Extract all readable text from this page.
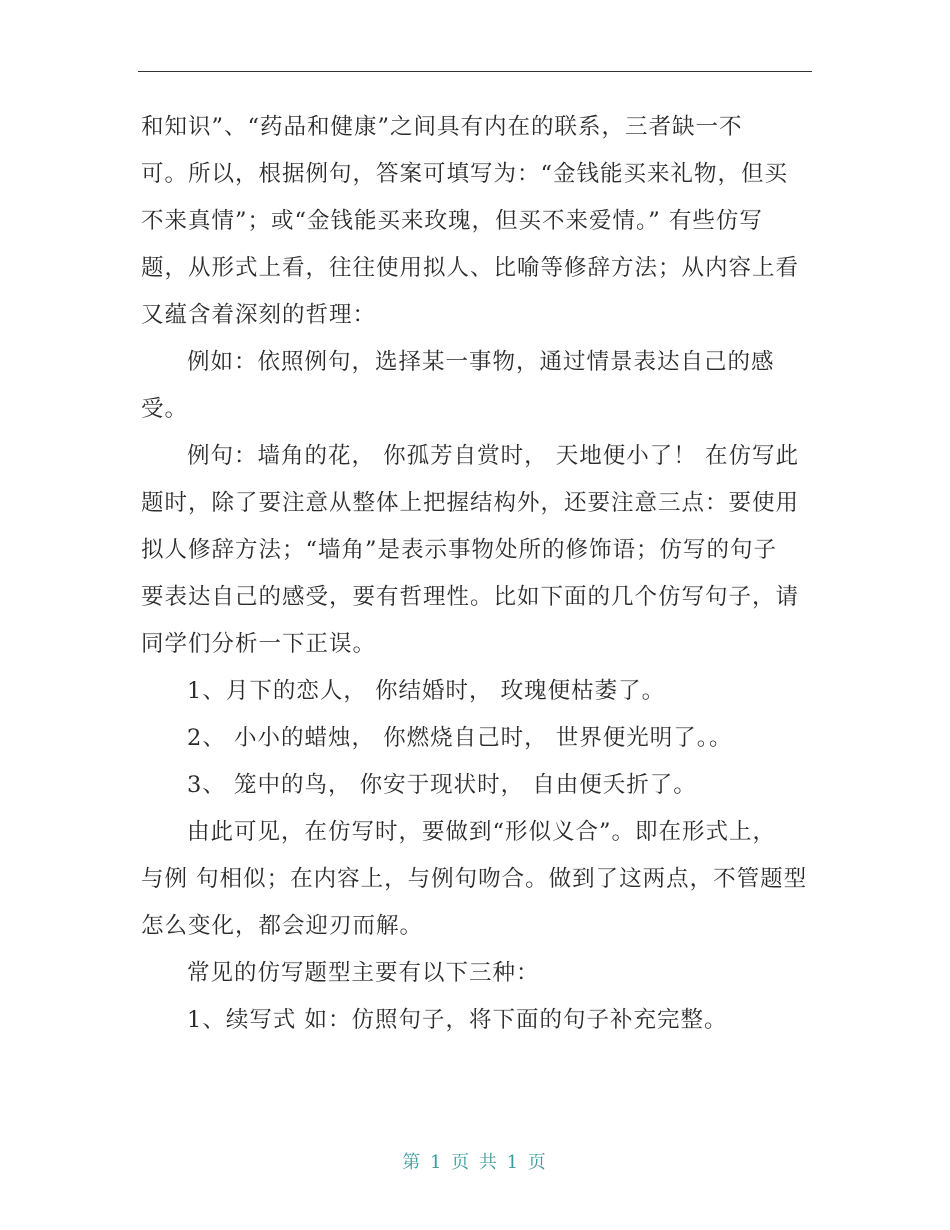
和知识”、“药品和健康”之间具有内在的联系，三者缺一不
可。所以，根据例句，答案可填写为：“金钱能买来礼物，但买
不来真情”；或“金钱能买来玫瑰，但买不来爱情。” 有些仿写
题，从形式上看，往往使用拟人、比喻等修辞方法；从内容上看
又蕴含着深刻的哲理：
例如：依照例句，选择某一事物，通过情景表达自己的感
受。
例句：墙角的花， 你孤芳自赏时， 天地便小了！ 在仿写此
题时，除了要注意从整体上把握结构外，还要注意三点：要使用
拟人修辞方法；“墙角”是表示事物处所的修饰语；仿写的句子
要表达自己的感受，要有哲理性。比如下面的几个仿写句子，请
同学们分析一下正误。
1、月下的恋人， 你结婚时， 玫瑰便枯萎了。
2、 小小的蜡烛， 你燃烧自己时， 世界便光明了。。
3、 笼中的鸟， 你安于现状时， 自由便夭折了。
由此可见，在仿写时，要做到“形似义合”。即在形式上，
与例 句相似；在内容上，与例句吻合。做到了这两点，不管题型
怎么变化，都会迎刃而解。
常见的仿写题型主要有以下三种：
1、续写式 如：仿照句子，将下面的句子补充完整。
第 1 页 共 1 页
